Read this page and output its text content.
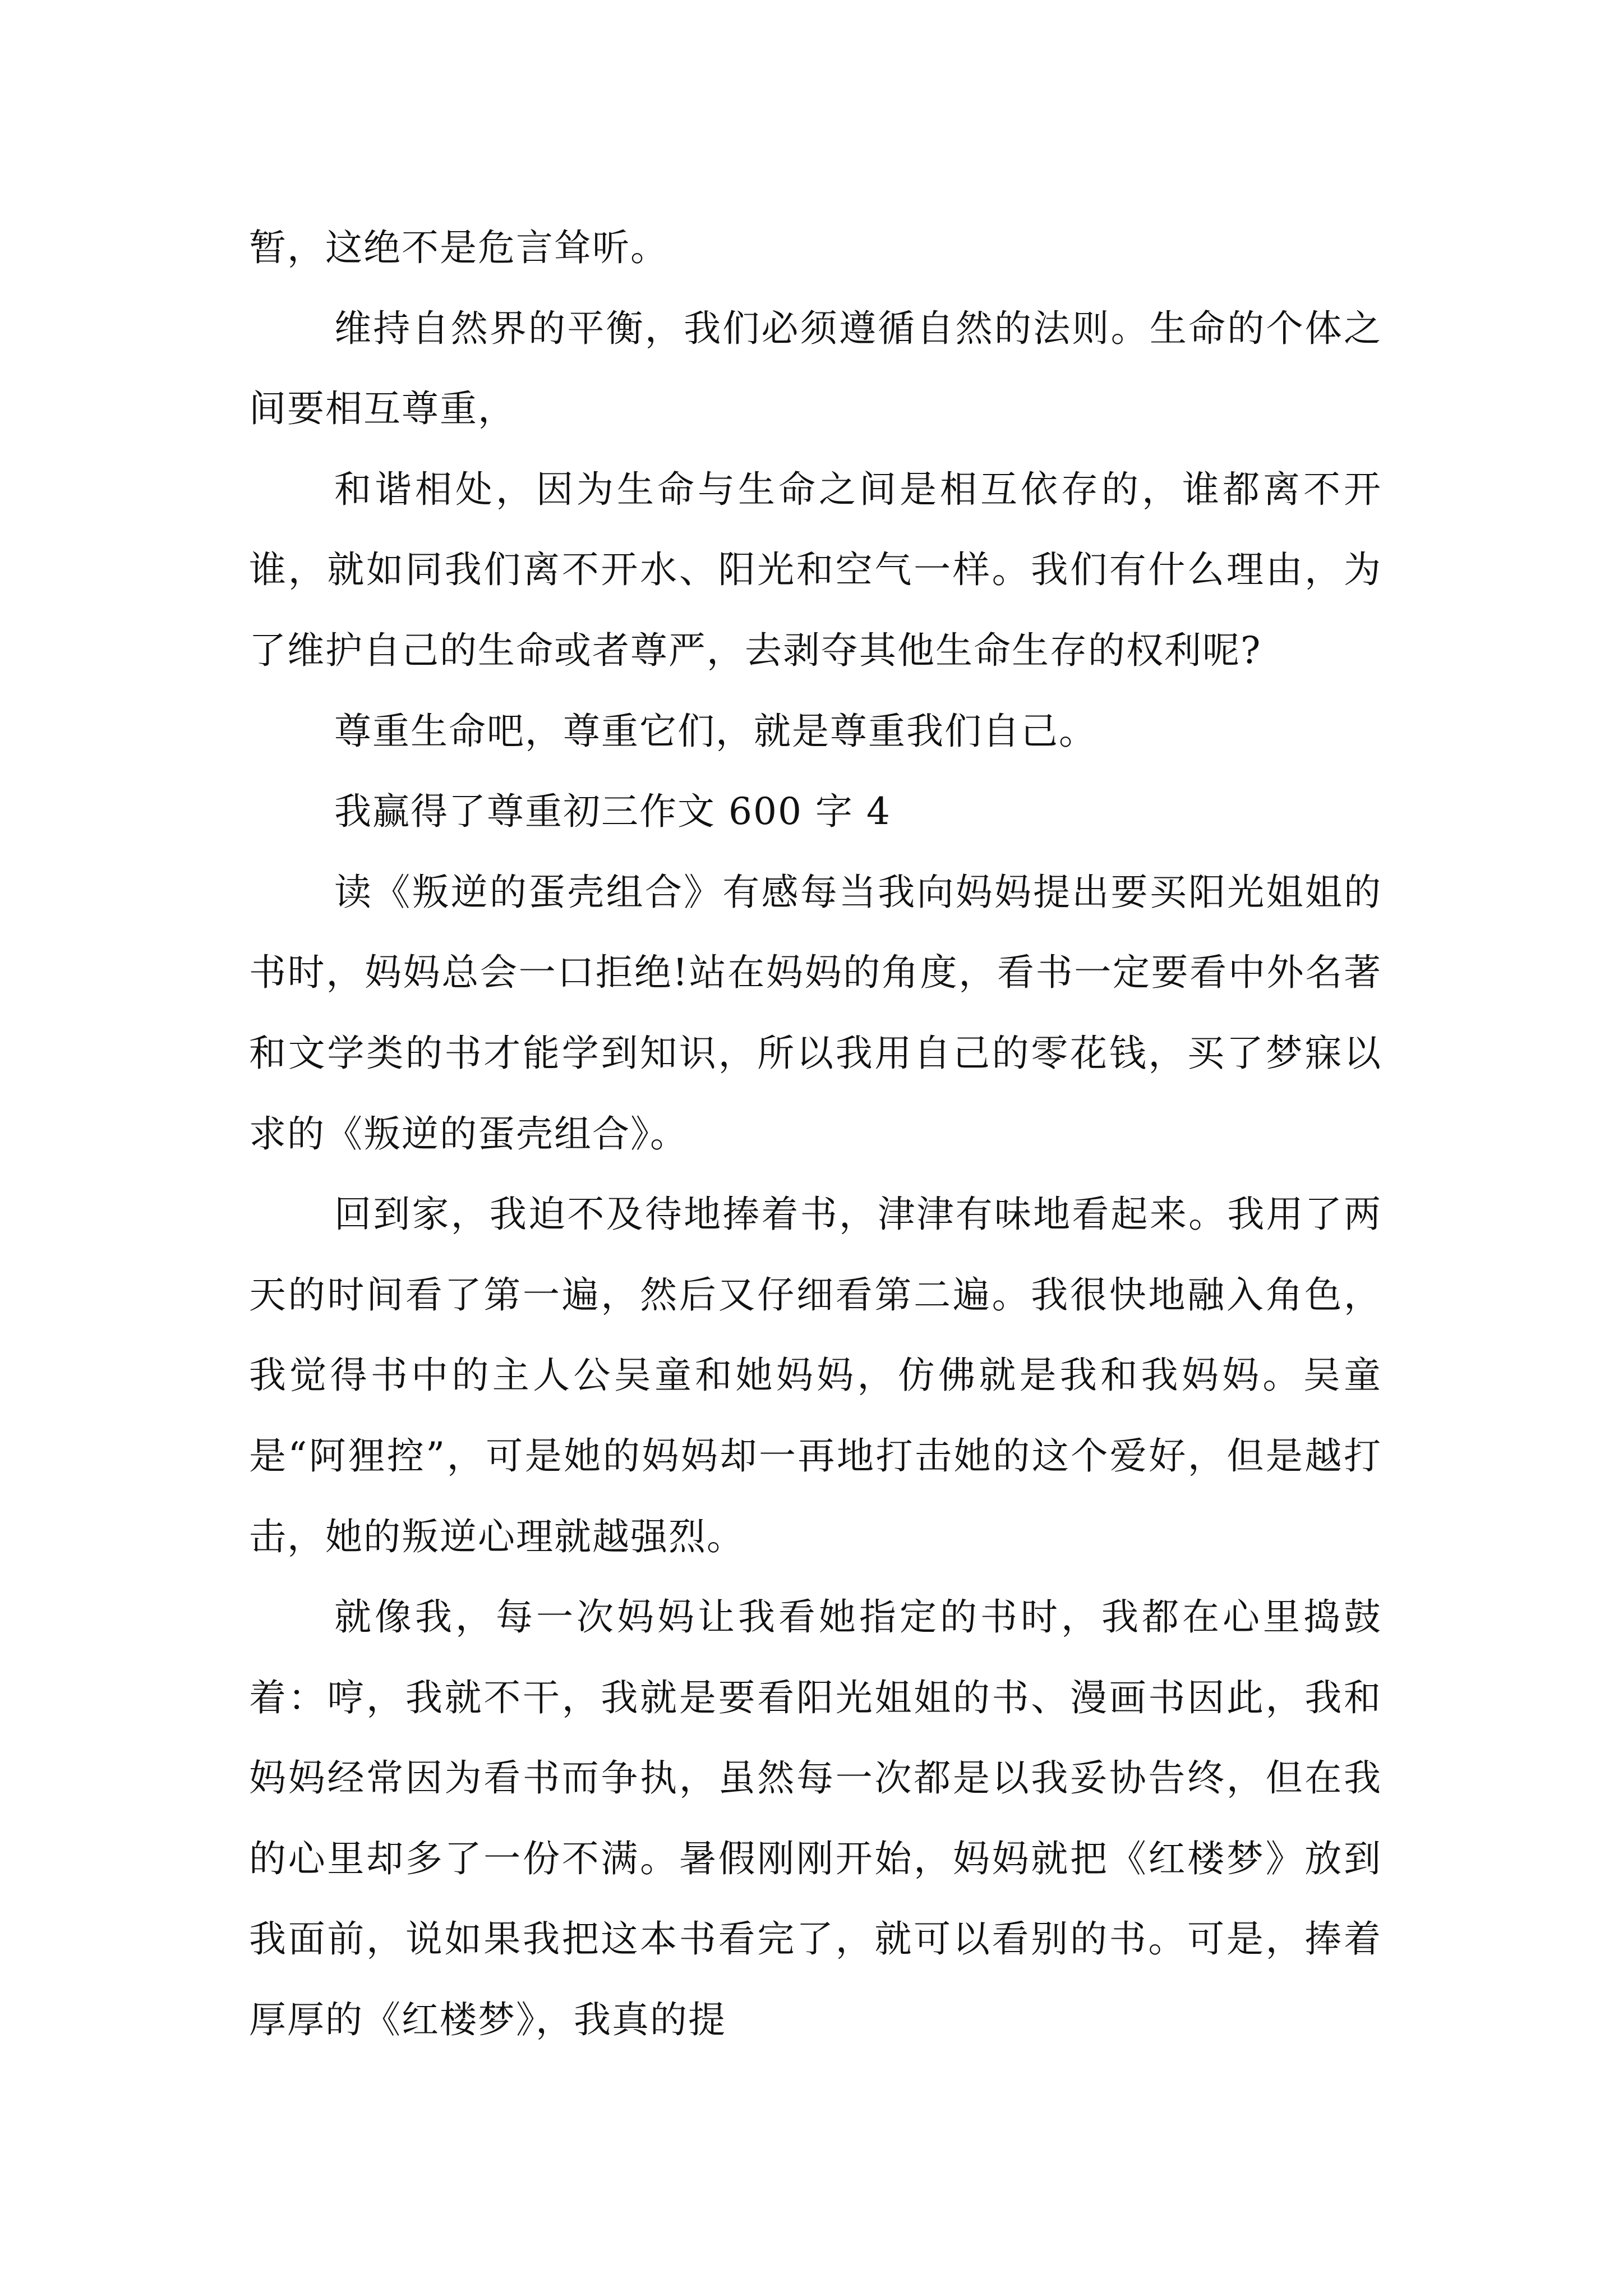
暂，这绝不是危言耸听。

维持自然界的平衡，我们必须遵循自然的法则。生命的个体之间要相互尊重，

和谐相处，因为生命与生命之间是相互依存的，谁都离不开谁，就如同我们离不开水、阳光和空气一样。我们有什么理由，为了维护自己的生命或者尊严，去剥夺其他生命生存的权利呢?

尊重生命吧，尊重它们，就是尊重我们自己。

我赢得了尊重初三作文 600 字 4

读《叛逆的蛋壳组合》有感每当我向妈妈提出要买阳光姐姐的书时，妈妈总会一口拒绝!站在妈妈的角度，看书一定要看中外名著和文学类的书才能学到知识，所以我用自己的零花钱，买了梦寐以求的《叛逆的蛋壳组合》。

回到家，我迫不及待地捧着书，津津有味地看起来。我用了两天的时间看了第一遍，然后又仔细看第二遍。我很快地融入角色，我觉得书中的主人公吴童和她妈妈，仿佛就是我和我妈妈。吴童是“阿狸控”，可是她的妈妈却一再地打击她的这个爱好，但是越打击，她的叛逆心理就越强烈。

就像我，每一次妈妈让我看她指定的书时，我都在心里捣鼓着：哼，我就不干，我就是要看阳光姐姐的书、漫画书因此，我和妈妈经常因为看书而争执，虽然每一次都是以我妥协告终，但在我的心里却多了一份不满。暑假刚刚开始，妈妈就把《红楼梦》放到我面前，说如果我把这本书看完了，就可以看别的书。可是，捧着厚厚的《红楼梦》，我真的提
